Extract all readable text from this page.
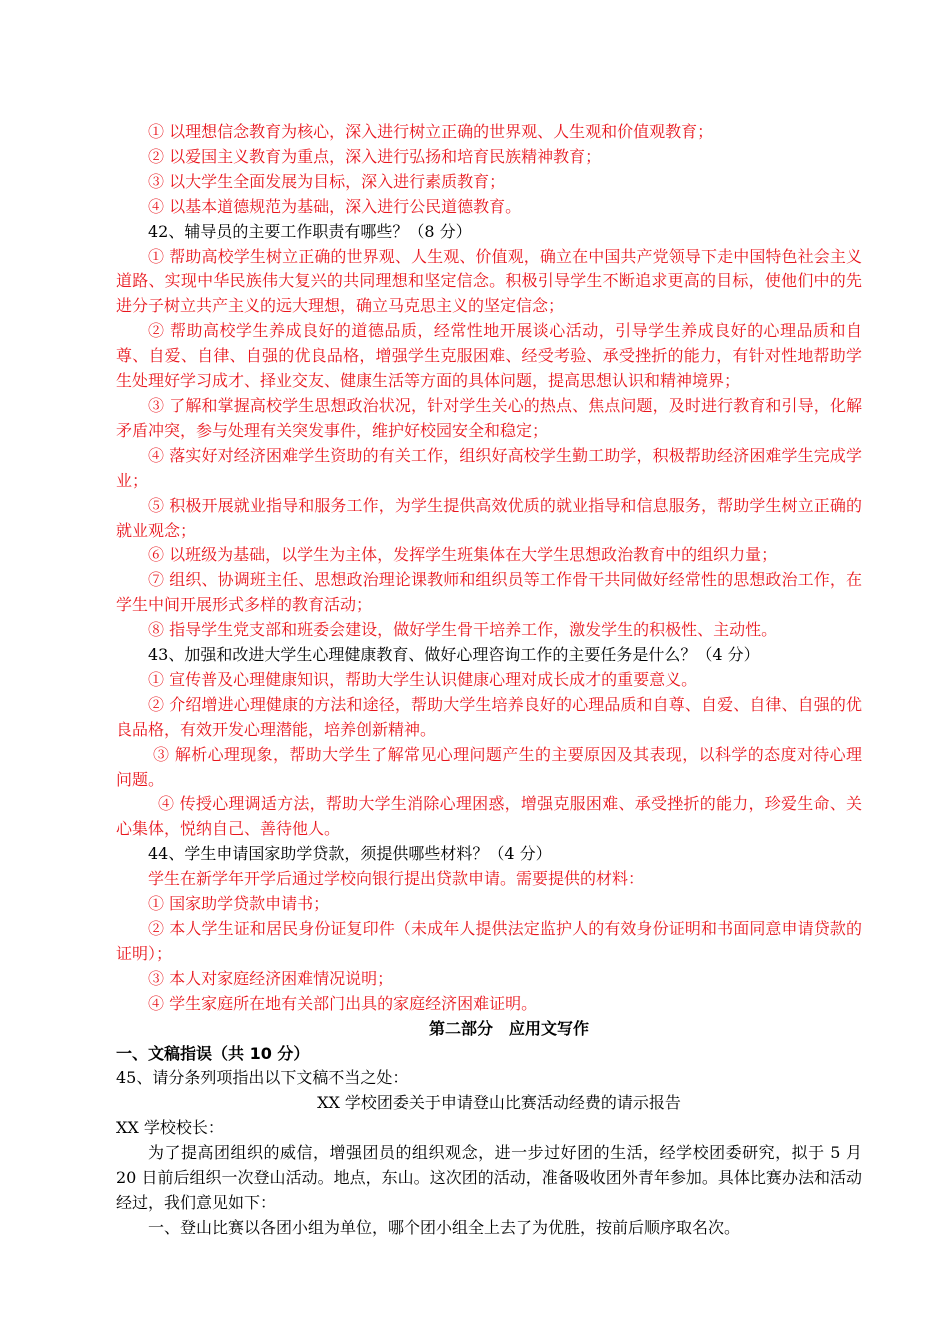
① 以理想信念教育为核心，深入进行树立正确的世界观、人生观和价值观教育；

② 以爱国主义教育为重点，深入进行弘扬和培育民族精神教育；

③ 以大学生全面发展为目标，深入进行素质教育；

④ 以基本道德规范为基础，深入进行公民道德教育。

42、辅导员的主要工作职责有哪些？（8 分）

① 帮助高校学生树立正确的世界观、人生观、价值观，确立在中国共产党领导下走中国特色社会主义道路、实现中华民族伟大复兴的共同理想和坚定信念。积极引导学生不断追求更高的目标，使他们中的先进分子树立共产主义的远大理想，确立马克思主义的坚定信念；

② 帮助高校学生养成良好的道德品质，经常性地开展谈心活动，引导学生养成良好的心理品质和自尊、自爱、自律、自强的优良品格，增强学生克服困难、经受考验、承受挫折的能力，有针对性地帮助学生处理好学习成才、择业交友、健康生活等方面的具体问题，提高思想认识和精神境界；

③ 了解和掌握高校学生思想政治状况，针对学生关心的热点、焦点问题，及时进行教育和引导，化解矛盾冲突，参与处理有关突发事件，维护好校园安全和稳定；

④ 落实好对经济困难学生资助的有关工作，组织好高校学生勤工助学，积极帮助经济困难学生完成学业；

⑤ 积极开展就业指导和服务工作，为学生提供高效优质的就业指导和信息服务，帮助学生树立正确的就业观念；

⑥ 以班级为基础，以学生为主体，发挥学生班集体在大学生思想政治教育中的组织力量；

⑦ 组织、协调班主任、思想政治理论课教师和组织员等工作骨干共同做好经常性的思想政治工作，在学生中间开展形式多样的教育活动；

⑧ 指导学生党支部和班委会建设，做好学生骨干培养工作，激发学生的积极性、主动性。

43、加强和改进大学生心理健康教育、做好心理咨询工作的主要任务是什么？（4 分）

① 宣传普及心理健康知识，帮助大学生认识健康心理对成长成才的重要意义。

② 介绍增进心理健康的方法和途径，帮助大学生培养良好的心理品质和自尊、自爱、自律、自强的优良品格，有效开发心理潜能，培养创新精神。

③ 解析心理现象，帮助大学生了解常见心理问题产生的主要原因及其表现，以科学的态度对待心理问题。

④ 传授心理调适方法，帮助大学生消除心理困惑，增强克服困难、承受挫折的能力，珍爱生命、关心集体，悦纳自己、善待他人。

44、学生申请国家助学贷款，须提供哪些材料？（4 分）

学生在新学年开学后通过学校向银行提出贷款申请。需要提供的材料：

① 国家助学贷款申请书；

② 本人学生证和居民身份证复印件（未成年人提供法定监护人的有效身份证明和书面同意申请贷款的证明）；

③ 本人对家庭经济困难情况说明；

④ 学生家庭所在地有关部门出具的家庭经济困难证明。

第二部分　应用文写作

一、文稿指误（共 10 分）

45、请分条列项指出以下文稿不当之处：

XX 学校团委关于申请登山比赛活动经费的请示报告

XX 学校校长：

为了提高团组织的威信，增强团员的组织观念，进一步过好团的生活，经学校团委研究，拟于 5 月 20 日前后组织一次登山活动。地点，东山。这次团的活动，准备吸收团外青年参加。具体比赛办法和活动经过，我们意见如下：

一、登山比赛以各团小组为单位，哪个团小组全上去了为优胜，按前后顺序取名次。
